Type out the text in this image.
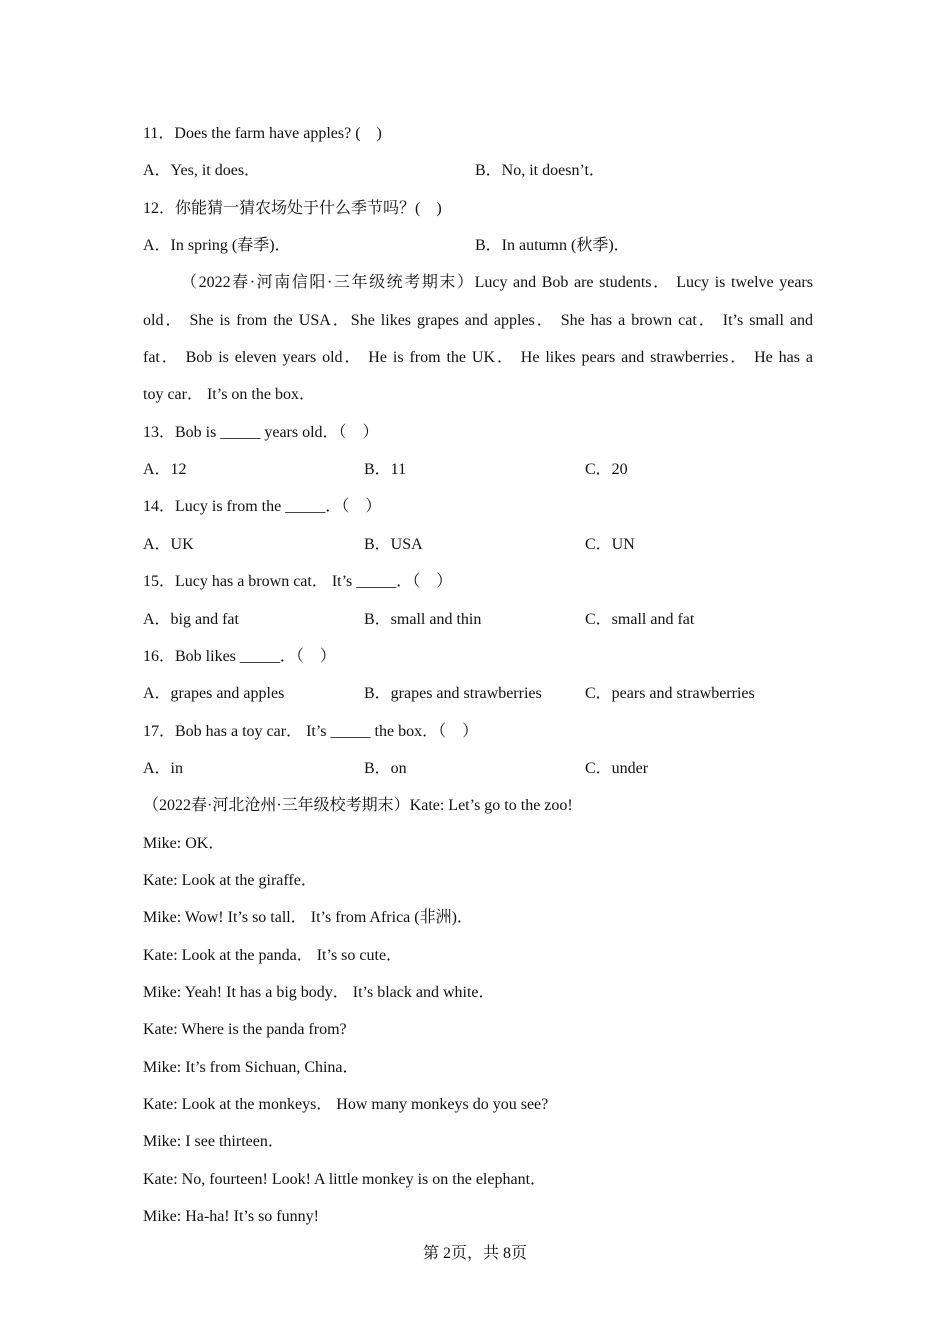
11．Does the farm have apples? (　)
A．Yes, it does．	B．No, it doesn’t．
12．你能猜一猜农场处于什么季节吗？(　)
A．In spring (春季)．	B．In autumn (秋季)．
（2022春·河南信阳·三年级统考期末）Lucy and Bob are students． Lucy is twelve years
old． She is from the USA．She likes grapes and apples． She has a brown cat． It’s small and
fat． Bob is eleven years old． He is from the UK． He likes pears and strawberries． He has a
toy car． It’s on the box．
13．Bob is _____ years old．（　）
A．12	B．11	C．20
14．Lucy is from the _____．（　）
A．UK	B．USA	C．UN
15．Lucy has a brown cat． It’s _____．（　）
A．big and fat	B．small and thin	C．small and fat
16．Bob likes _____．（　）
A．grapes and apples	B．grapes and strawberries	C．pears and strawberries
17．Bob has a toy car． It’s _____ the box．（　）
A．in	B．on	C．under
（2022春·河北沧州·三年级校考期末）Kate: Let’s go to the zoo!
Mike: OK．
Kate: Look at the giraffe．
Mike: Wow! It’s so tall． It’s from Africa (非洲)．
Kate: Look at the panda． It’s so cute．
Mike: Yeah! It has a big body． It’s black and white．
Kate: Where is the panda from?
Mike: It’s from Sichuan, China．
Kate: Look at the monkeys． How many monkeys do you see?
Mike: I see thirteen．
Kate: No, fourteen! Look! A little monkey is on the elephant．
Mike: Ha-ha! It’s so funny!
第 2页，共 8页
